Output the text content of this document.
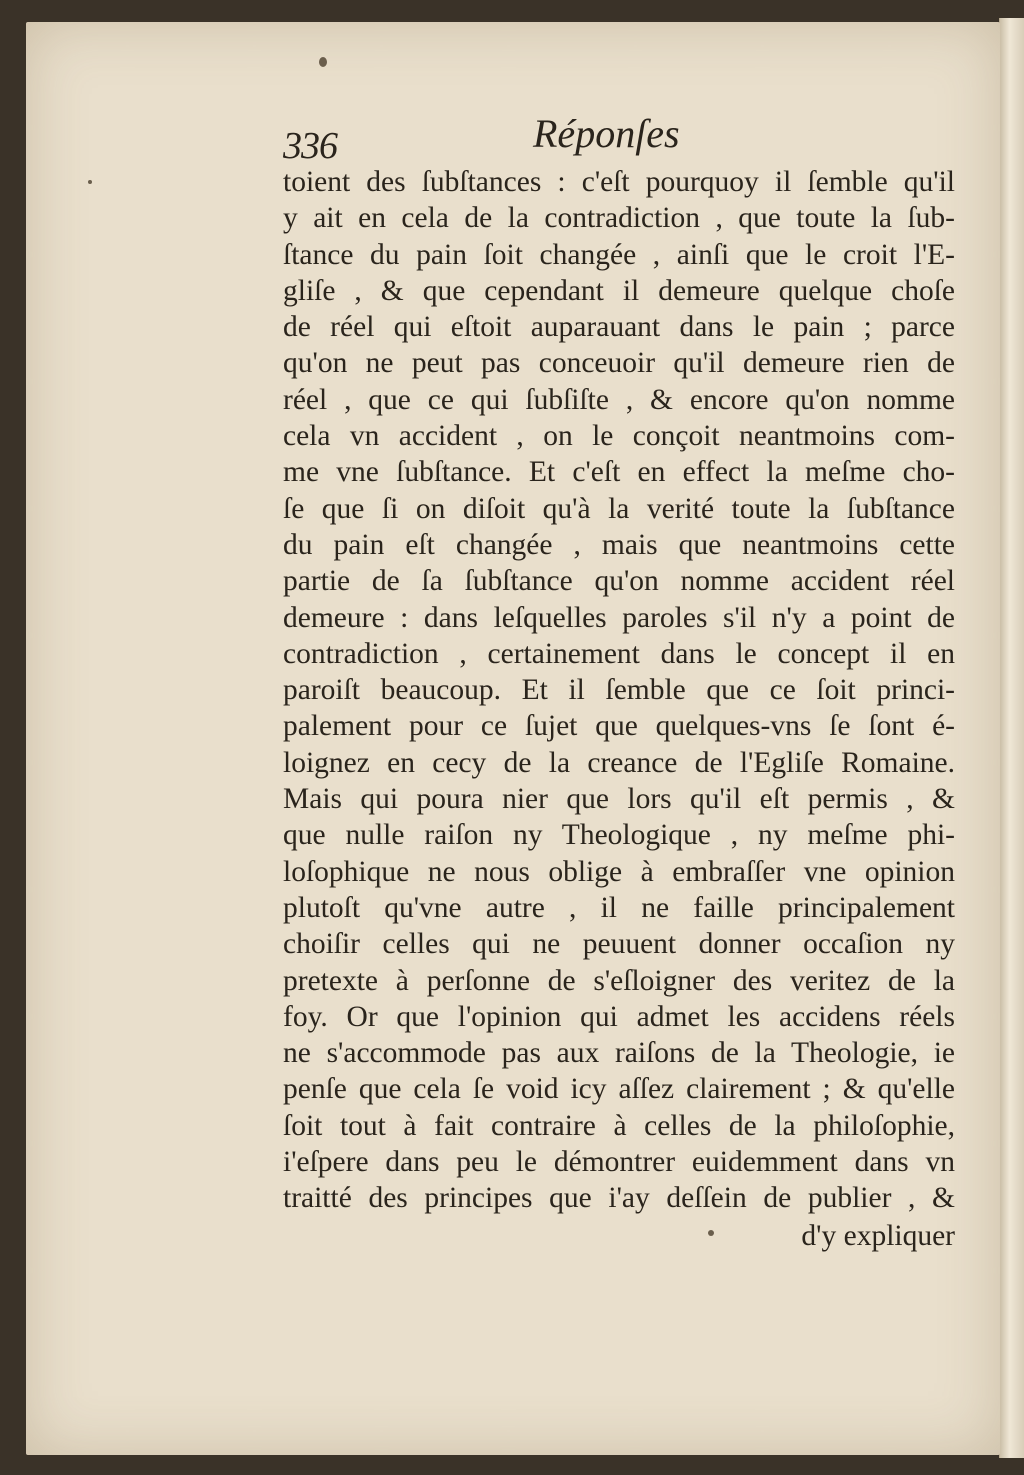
336	Réponſes
toient des ſubſtances : c'eſt pourquoy il ſemble qu'il
y ait en cela de la contradiction , que toute la ſub-
ſtance du pain ſoit changée , ainſi que le croit l'E-
gliſe , & que cependant il demeure quelque choſe
de réel qui eſtoit auparauant dans le pain ; parce
qu'on ne peut pas conceuoir qu'il demeure rien de
réel , que ce qui ſubſiſte , & encore qu'on nomme
cela vn accident , on le conçoit neantmoins com-
me vne ſubſtance. Et c'eſt en effect la meſme cho-
ſe que ſi on diſoit qu'à la verité toute la ſubſtance
du pain eſt changée , mais que neantmoins cette
partie de ſa ſubſtance qu'on nomme accident réel
demeure : dans leſquelles paroles s'il n'y a point de
contradiction , certainement dans le concept il en
paroiſt beaucoup. Et il ſemble que ce ſoit princi-
palement pour ce ſujet que quelques-vns ſe ſont é-
loignez en cecy de la creance de l'Egliſe Romaine.
Mais qui poura nier que lors qu'il eſt permis , &
que nulle raiſon ny Theologique , ny meſme phi-
loſophique ne nous oblige à embraſſer vne opinion
plutoſt qu'vne autre , il ne faille principalement
choiſir celles qui ne peuuent donner occaſion ny
pretexte à perſonne de s'eſloigner des veritez de la
foy. Or que l'opinion qui admet les accidens réels
ne s'accommode pas aux raiſons de la Theologie, ie
penſe que cela ſe void icy aſſez clairement ; & qu'elle
ſoit tout à fait contraire à celles de la philoſophie,
i'eſpere dans peu le démontrer euidemment dans vn
traitté des principes que i'ay deſſein de publier , &
d'y expliquer
